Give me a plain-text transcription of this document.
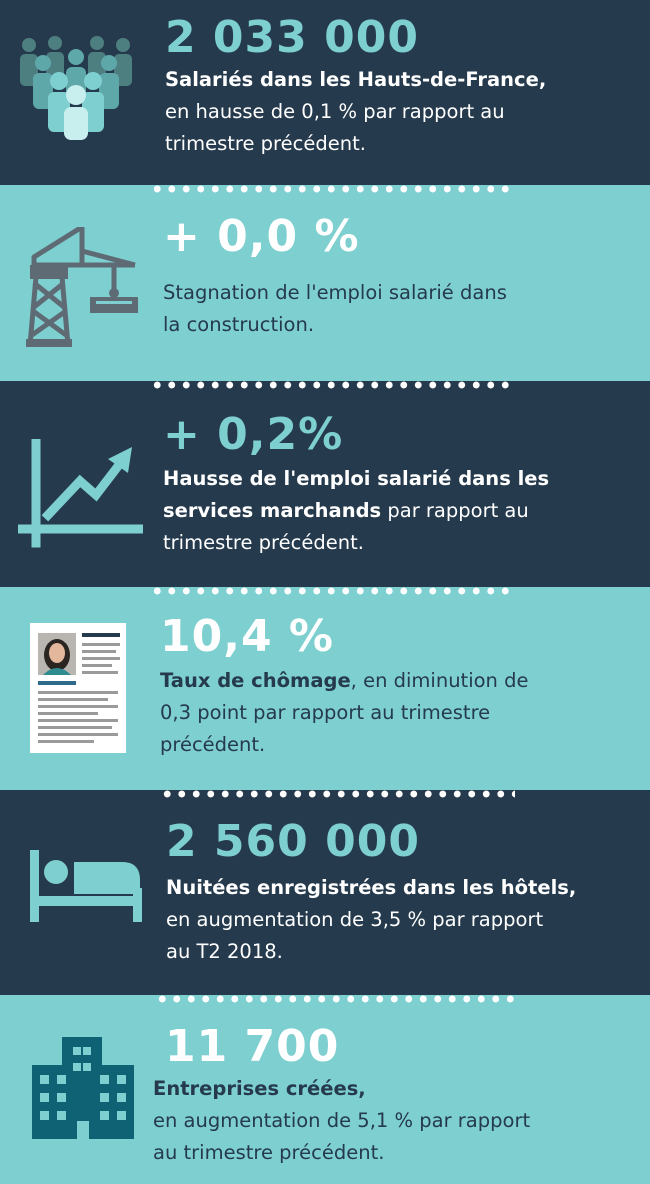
2 033 000
Salariés dans les Hauts-de-France,
en hausse de 0,1 % par rapport au
trimestre précédent.
+ 0,0 %
Stagnation de l'emploi salarié dans
la construction.
+ 0,2%
Hausse de l'emploi salarié dans les
services marchands par rapport au
trimestre précédent.
10,4 %
Taux de chômage, en diminution de
0,3 point par rapport au trimestre
précédent.
2 560 000
Nuitées enregistrées dans les hôtels,
en augmentation de 3,5 % par rapport
au T2 2018.
11 700
Entreprises créées,
en augmentation de 5,1 % par rapport
au trimestre précédent.
